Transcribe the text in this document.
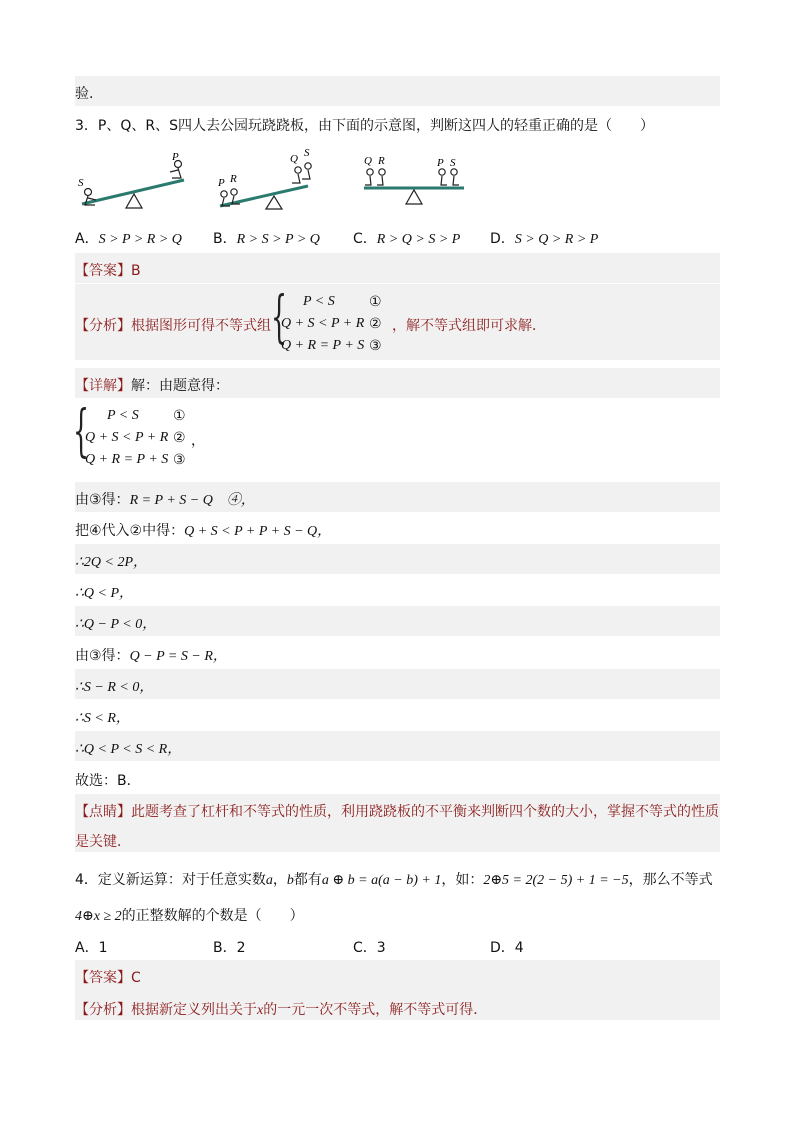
验.
3．P、Q、R、S四人去公园玩跷跷板，由下面的示意图，判断这四人的轻重正确的是（　　）
S
P
P R
Q S
Q R	P S
A．S > P > R > Q B．R > S > P > Q C．R > Q > S > P D．S > Q > R > P
【答案】B
【分析】根据图形可得不等式组 { P < S ①
Q + S < P + R ②
Q + R = P + S ③
，解不等式组即可求解．
【详解】解：由题意得：
{ P < S ①
Q + S < P + R ② ，
Q + R = P + S ③
由③得：R = P + S − Q　④，
把④代入②中得：Q + S < P + P + S − Q，
∴2Q < 2P，
∴Q < P，
∴Q − P < 0，
由③得：Q − P = S − R，
∴S − R < 0，
∴S < R，
∴Q < P < S < R，
故选：B．
【点睛】此题考查了杠杆和不等式的性质，利用跷跷板的不平衡来判断四个数的大小，掌握不等式的性质
是关键．
4．定义新运算：对于任意实数a，b都有a ⊕ b = a(a − b) + 1，如：2⊕5 = 2(2 − 5) + 1 = −5，那么不等式
4⊕x ≥ 2的正整数解的个数是（　　）
A．1	B．2	C．3	D．4
【答案】C
【分析】根据新定义列出关于x的一元一次不等式，解不等式可得．
